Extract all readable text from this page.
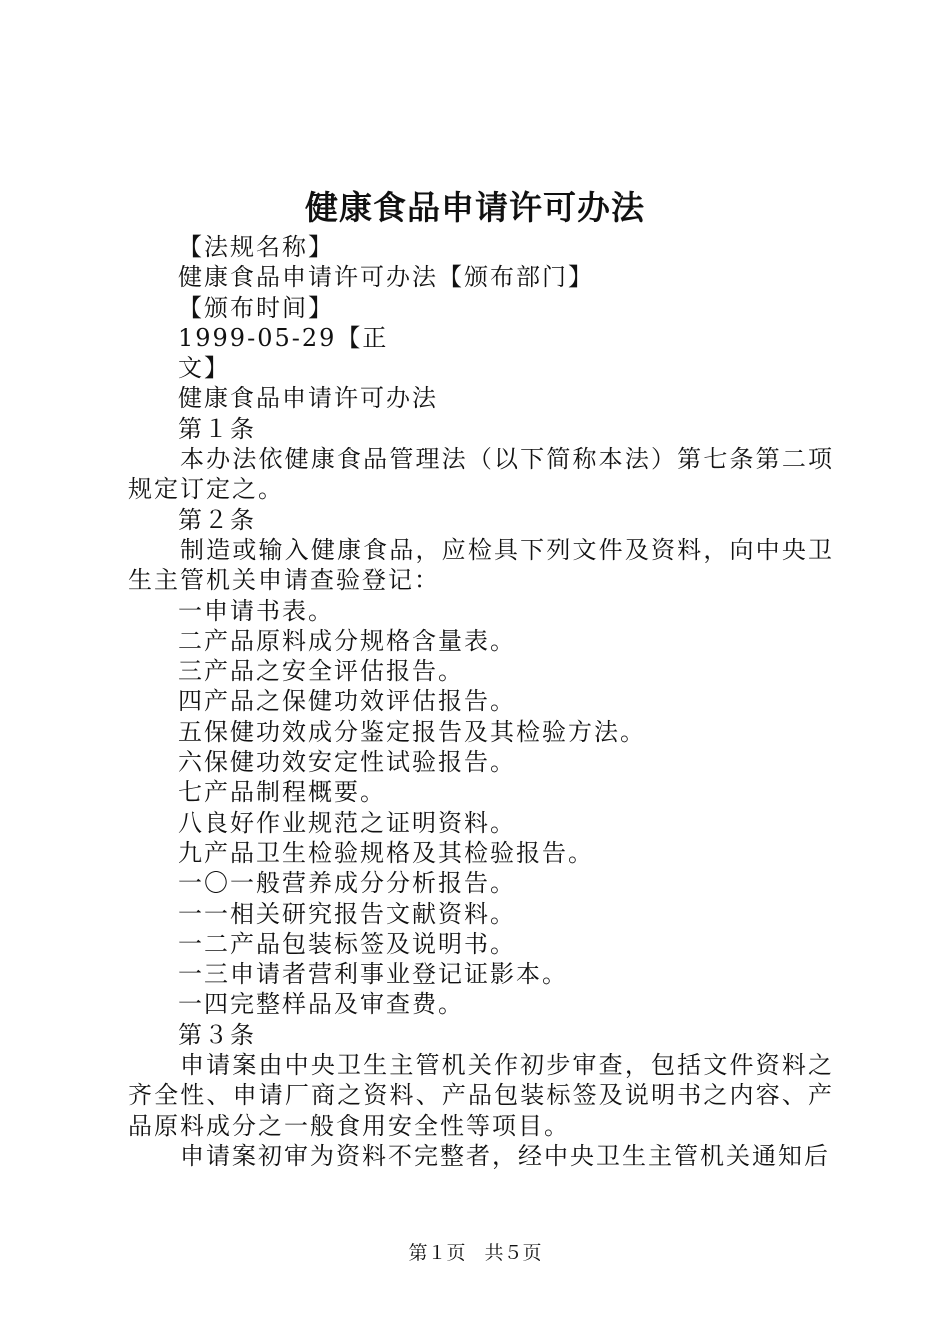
健康食品申请许可办法
【法规名称】
健康食品申请许可办法【颁布部门】
【颁布时间】
1999-05-29【正
文】
健康食品申请许可办法
第１条
本办法依健康食品管理法（以下简称本法）第七条第二项规定订定之。
第２条
制造或输入健康食品，应检具下列文件及资料，向中央卫生主管机关申请查验登记：
一申请书表。
二产品原料成分规格含量表。
三产品之安全评估报告。
四产品之保健功效评估报告。
五保健功效成分鉴定报告及其检验方法。
六保健功效安定性试验报告。
七产品制程概要。
八良好作业规范之证明资料。
九产品卫生检验规格及其检验报告。
一〇一般营养成分分析报告。
一一相关研究报告文献资料。
一二产品包装标签及说明书。
一三申请者营利事业登记证影本。
一四完整样品及审查费。
第３条
申请案由中央卫生主管机关作初步审查，包括文件资料之齐全性、申请厂商之资料、产品包装标签及说明书之内容、产品原料成分之一般食用安全性等项目。
申请案初审为资料不完整者，经中央卫生主管机关通知后
第１页　共５页
